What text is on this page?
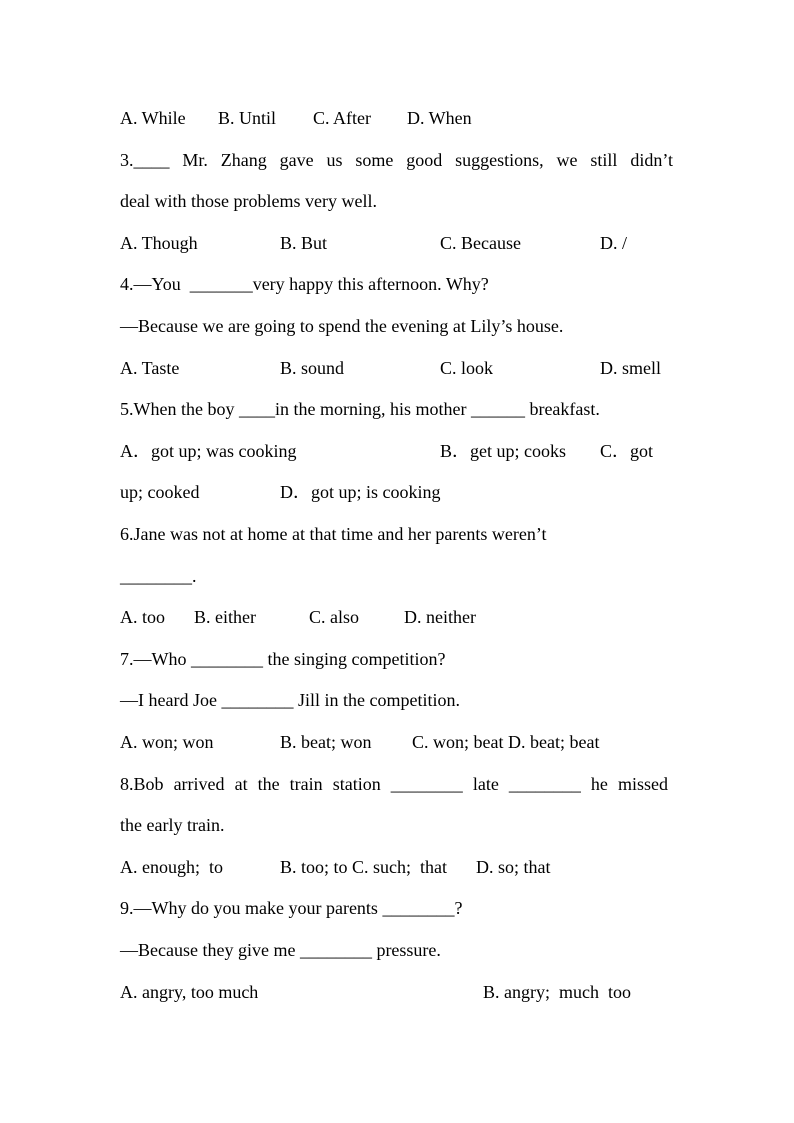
A. While B. Until C. After D. When

3.____ Mr. Zhang gave us some good suggestions, we still didn’t

deal with those problems very well.

A. Though	B. But	C. Because	D. /

4.—You  _______very happy this afternoon. Why?

—Because we are going to spend the evening at Lily’s house.

A. Taste	B. sound	C. look	D. smell

5.When the boy ____in the morning, his mother ______ breakfast.

A．got up; was cooking	B．get up; cooks C．got
up; cooked	D．got up; is cooking

6.Jane was not at home at that time and her parents weren’t

________.

A. too B. either	C. also D. neither

7.—Who ________ the singing competition?

—I heard Joe ________ Jill in the competition.

A. won; won	B. beat; won C. won; beat D. beat; beat

8.Bob arrived at the train station ________ late ________ he missed

the early train.

A. enough;  to	B. too; to C. such;  that D. so; that

9.—Why do you make your parents ________?

—Because they give me ________ pressure.

A. angry, too much	B. angry;  much  too
